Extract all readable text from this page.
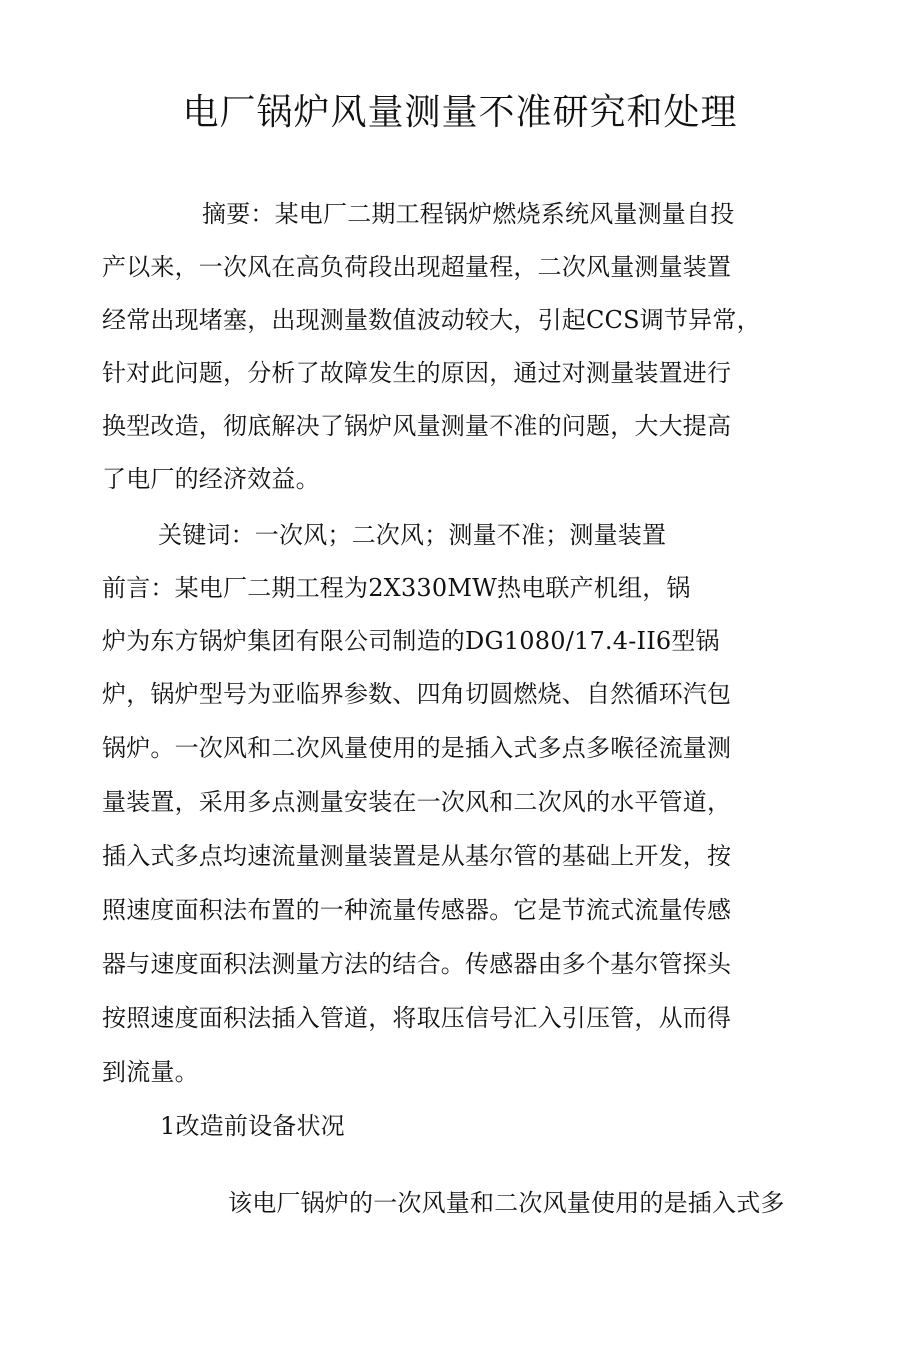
电厂锅炉风量测量不准研究和处理
摘要：某电厂二期工程锅炉燃烧系统风量测量自投
产以来，一次风在高负荷段出现超量程，二次风量测量装置
经常出现堵塞，出现测量数值波动较大，引起CCS调节异常，
针对此问题，分析了故障发生的原因，通过对测量装置进行
换型改造，彻底解决了锅炉风量测量不准的问题，大大提高
了电厂的经济效益。
关键词：一次风；二次风；测量不准；测量装置
前言：某电厂二期工程为2X330MW热电联产机组，锅
炉为东方锅炉集团有限公司制造的DG1080/17.4-II6型锅
炉，锅炉型号为亚临界参数、四角切圆燃烧、自然循环汽包
锅炉。一次风和二次风量使用的是插入式多点多喉径流量测
量装置，采用多点测量安装在一次风和二次风的水平管道，
插入式多点均速流量测量装置是从基尔管的基础上开发，按
照速度面积法布置的一种流量传感器。它是节流式流量传感
器与速度面积法测量方法的结合。传感器由多个基尔管探头
按照速度面积法插入管道，将取压信号汇入引压管，从而得
到流量。
1改造前设备状况
该电厂锅炉的一次风量和二次风量使用的是插入式多
